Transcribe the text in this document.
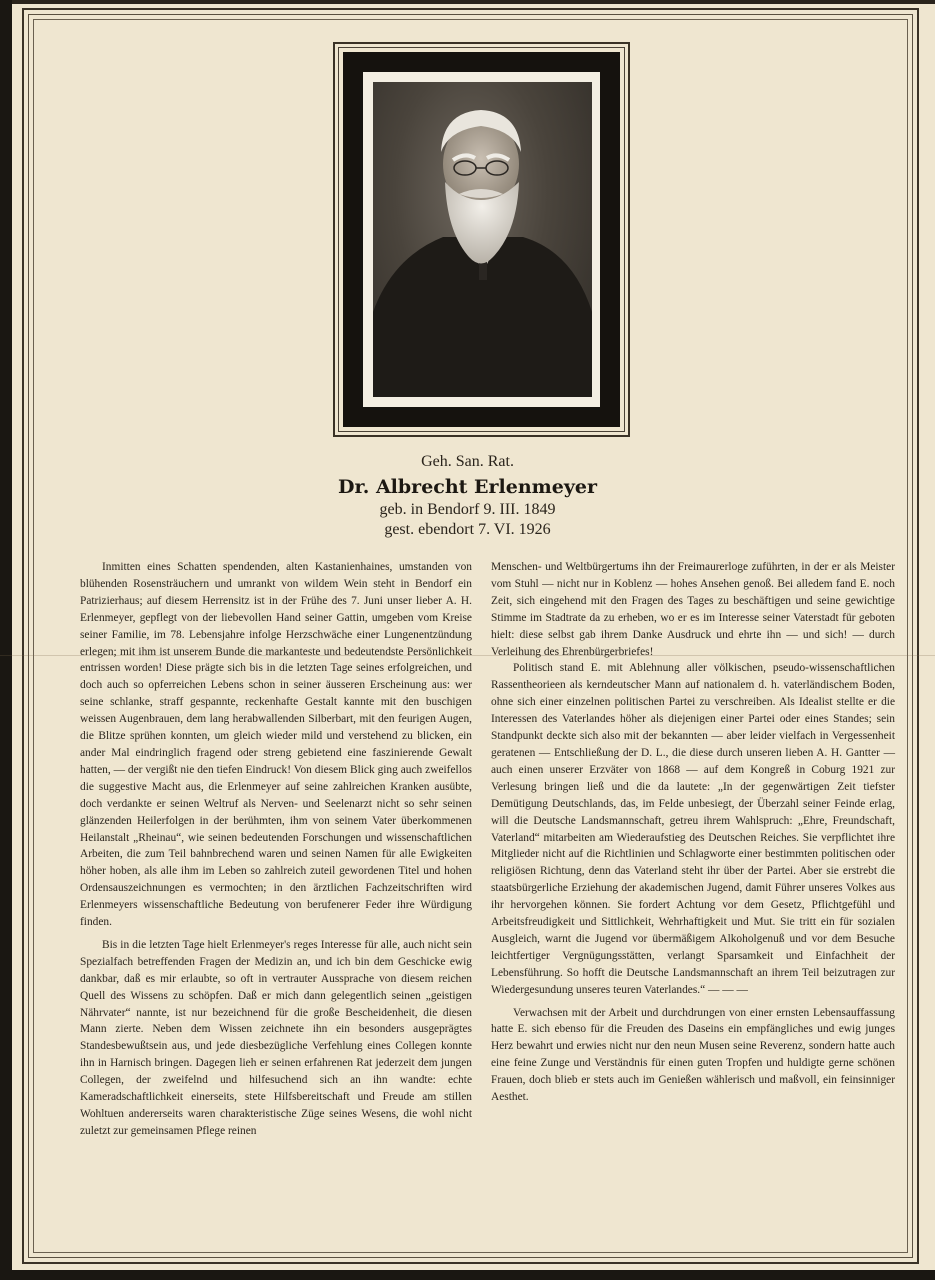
Geh. San. Rat.

Dr. Albrecht Erlenmeyer

geb. in Bendorf 9. III. 1849

gest. ebendort 7. VI. 1926

Inmitten eines Schatten spendenden, alten Kastanienhaines, umstanden von blühenden Rosensträuchern und umrankt von wildem Wein steht in Bendorf ein Patrizierhaus; auf diesem Herrensitz ist in der Frühe des 7. Juni unser lieber A. H. Erlenmeyer, gepflegt von der liebevollen Hand seiner Gattin, umgeben vom Kreise seiner Familie, im 78. Lebensjahre infolge Herzschwäche einer Lungenentzündung erlegen; mit ihm ist unserem Bunde die markanteste und bedeutendste Persönlichkeit entrissen worden! Diese prägte sich bis in die letzten Tage seines erfolgreichen, und doch auch so opferreichen Lebens schon in seiner äusseren Erscheinung aus: wer seine schlanke, straff gespannte, reckenhafte Gestalt kannte mit den buschigen weissen Augenbrauen, dem lang herabwallenden Silberbart, mit den feurigen Augen, die Blitze sprühen konnten, um gleich wieder mild und verstehend zu blicken, ein ander Mal eindringlich fragend oder streng gebietend eine faszinierende Gewalt hatten, — der vergißt nie den tiefen Eindruck! Von diesem Blick ging auch zweifellos die suggestive Macht aus, die Erlenmeyer auf seine zahlreichen Kranken ausübte, doch verdankte er seinen Weltruf als Nerven- und Seelenarzt nicht so sehr seinen glänzenden Heilerfolgen in der berühmten, ihm von seinem Vater überkommenen Heilanstalt „Rheinau“, wie seinen bedeutenden Forschungen und wissenschaftlichen Arbeiten, die zum Teil bahnbrechend waren und seinen Namen für alle Ewigkeiten höher hoben, als alle ihm im Leben so zahlreich zuteil gewordenen Titel und hohen Ordensauszeichnungen es vermochten; in den ärztlichen Fachzeitschriften wird Erlenmeyers wissenschaftliche Bedeutung von berufenerer Feder ihre Würdigung finden.

Bis in die letzten Tage hielt Erlenmeyer's reges Interesse für alle, auch nicht sein Spezialfach betreffenden Fragen der Medizin an, und ich bin dem Geschicke ewig dankbar, daß es mir erlaubte, so oft in vertrauter Aussprache von diesem reichen Quell des Wissens zu schöpfen. Daß er mich dann gelegentlich seinen „geistigen Nährvater“ nannte, ist nur bezeichnend für die große Bescheidenheit, die diesen Mann zierte. Neben dem Wissen zeichnete ihn ein besonders ausgeprägtes Standesbewußtsein aus, und jede diesbezügliche Verfehlung eines Collegen konnte ihn in Harnisch bringen. Dagegen lieh er seinen erfahrenen Rat jederzeit dem jungen Collegen, der zweifelnd und hilfesuchend sich an ihn wandte: echte Kameradschaftlichkeit einerseits, stete Hilfsbereitschaft und Freude am stillen Wohltuen andererseits waren charakteristische Züge seines Wesens, die wohl nicht zuletzt zur gemeinsamen Pflege reinen

Menschen- und Weltbürgertums ihn der Freimaurerloge zuführten, in der er als Meister vom Stuhl — nicht nur in Koblenz — hohes Ansehen genoß. Bei alledem fand E. noch Zeit, sich eingehend mit den Fragen des Tages zu beschäftigen und seine gewichtige Stimme im Stadtrate da zu erheben, wo er es im Interesse seiner Vaterstadt für geboten hielt: diese selbst gab ihrem Danke Ausdruck und ehrte ihn — und sich! — durch Verleihung des Ehrenbürgerbriefes!

Politisch stand E. mit Ablehnung aller völkischen, pseudo-wissenschaftlichen Rassentheorieen als kerndeutscher Mann auf nationalem d. h. vaterländischem Boden, ohne sich einer einzelnen politischen Partei zu verschreiben. Als Idealist stellte er die Interessen des Vaterlandes höher als diejenigen einer Partei oder eines Standes; sein Standpunkt deckte sich also mit der bekannten — aber leider vielfach in Vergessenheit geratenen — Entschließung der D. L., die diese durch unseren lieben A. H. Gantter — auch einen unserer Erzväter von 1868 — auf dem Kongreß in Coburg 1921 zur Verlesung bringen ließ und die da lautete: „In der gegenwärtigen Zeit tiefster Demütigung Deutschlands, das, im Felde unbesiegt, der Überzahl seiner Feinde erlag, will die Deutsche Landsmannschaft, getreu ihrem Wahlspruch: „Ehre, Freundschaft, Vaterland“ mitarbeiten am Wiederaufstieg des Deutschen Reiches. Sie verpflichtet ihre Mitglieder nicht auf die Richtlinien und Schlagworte einer bestimmten politischen oder religiösen Richtung, denn das Vaterland steht ihr über der Partei. Aber sie erstrebt die staatsbürgerliche Erziehung der akademischen Jugend, damit Führer unseres Volkes aus ihr hervorgehen können. Sie fordert Achtung vor dem Gesetz, Pflichtgefühl und Arbeitsfreudigkeit und Sittlichkeit, Wehrhaftigkeit und Mut. Sie tritt ein für sozialen Ausgleich, warnt die Jugend vor übermäßigem Alkoholgenuß und vor dem Besuche leichtfertiger Vergnügungsstätten, verlangt Sparsamkeit und Einfachheit der Lebensführung. So hofft die Deutsche Landsmannschaft an ihrem Teil beizutragen zur Wiedergesundung unseres teuren Vaterlandes.“ — — —

Verwachsen mit der Arbeit und durchdrungen von einer ernsten Lebensauffassung hatte E. sich ebenso für die Freuden des Daseins ein empfängliches und ewig junges Herz bewahrt und erwies nicht nur den neun Musen seine Reverenz, sondern hatte auch eine feine Zunge und Verständnis für einen guten Tropfen und huldigte gerne schönen Frauen, doch blieb er stets auch im Genießen wählerisch und maßvoll, ein feinsinniger Aesthet.
